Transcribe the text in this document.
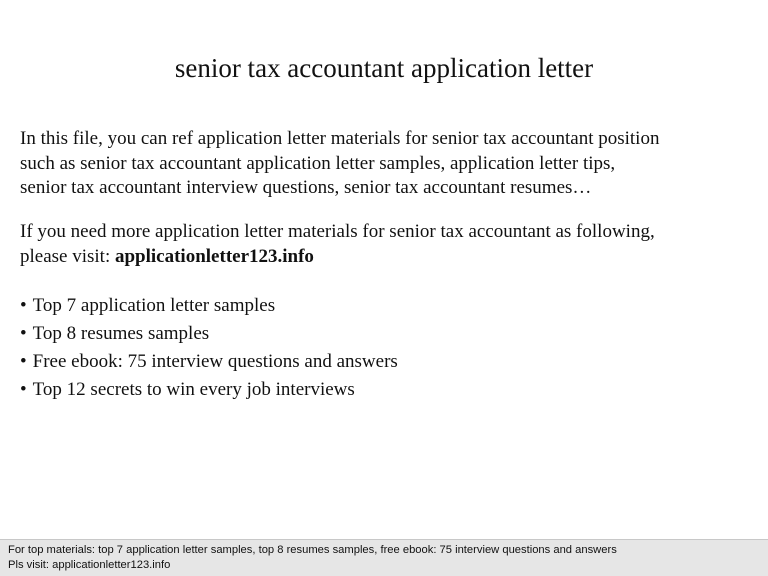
senior tax accountant application letter

In this file, you can ref application letter materials for senior tax accountant position
such as senior tax accountant application letter samples, application letter tips,
senior tax accountant interview questions, senior tax accountant resumes…

If you need more application letter materials for senior tax accountant as following,
please visit: applicationletter123.info

• Top 7 application letter samples
• Top 8 resumes samples
• Free ebook: 75 interview questions and answers
• Top 12 secrets to win every job interviews
For top materials: top 7 application letter samples, top 8 resumes samples, free ebook: 75 interview questions and answers
Pls visit: applicationletter123.info
